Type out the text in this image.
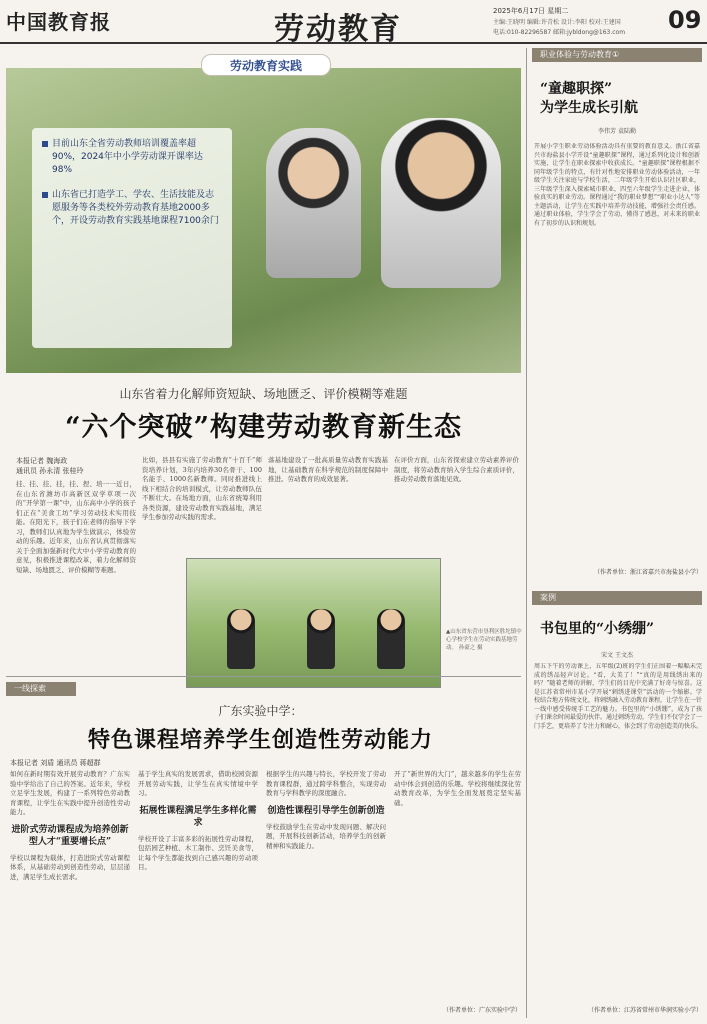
中国教育报	劳动教育
2025年6月17日 星期二
主编:王晓明 编辑:许青松 设计:李阳 校对:王建国
电话:010-82296587 邮箱:jybldong@163.com 09
劳动教育实践
目前山东全省劳动教师培训覆盖率超90%，2024年中小学劳动课开课率达98%
山东省已打造学工、学农、生活技能及志愿服务等各类校外劳动教育基地2000多个，开设劳动教育实践基地课程7100余门
山东省着力化解师资短缺、场地匮乏、评价模糊等难题
“六个突破”构建劳动教育新生态
本报记者 魏海政
通讯员 孙永清 张桂玲
挂、挂、挂、挂，挂、捏、培一一近日，在山东省潍坊市高新区双学草项一次的“开学第一课”中，山东高中小学的孩子们正在“美食工坊”学习劳动技术实用技能。在阳光下，孩子们在老师的指导下学习，教师们认真地为学生做演示，体验劳动的乐趣。近年来，山东省认真贯彻落实关于全面加强新时代大中小学劳动教育的意见，积极推进课程改革，着力化解师资短缺、场地匮乏、评价模糊等难题。
比如，县县有实施了劳动教育“十百千”师资培养计划，3年内培养30名骨干、100名能手、1000名新教师。同时推进线上线下相结合的培训模式，让劳动教师队伍不断壮大。在场地方面，山东省统筹利用各类资源，建设劳动教育实践基地，满足学生参加劳动实践的需求。
落基地建设了一批高质量劳动教育实践基地，让基础教育在科学规范的制度保障中推进。劳动教育的成效显著。
在评价方面，山东省探索建立劳动素养评价制度，将劳动教育纳入学生综合素质评价，推动劳动教育落地见效。
▲山东省东营市垦利区胜坨镇中心学校学生在劳动实践基地劳动。 孙豪之 摄
职业体验与劳动教育①
“童趣职探”
为学生成长引航
李伟芳 袁陆勤
开展小学生职业劳动体验活动具有重要的教育意义。浙江省嘉兴市海盐县小学开设“童趣职探”课程，通过系列化设计和创新实施，让学生在职业探索中收获成长。“童趣职探”课程根据不同年级学生的特点，有针对性地安排职业劳动体验活动，一年级学生关注家庭与学校生活，二年级学生开始认识社区职业，三年级学生深入探索城市职业，四至六年级学生走进企业，体验真实的职业劳动。课程通过“我的职业梦想”“职业小达人”等主题活动，让学生在实践中培养劳动技能，增强社会责任感。通过职业体验，学生学会了劳动、懂得了感恩，对未来的职业有了初步的认识和规划。
（作者单位：浙江省嘉兴市海盐县小学）
案例
书包里的“小绣绷”
宋文 王文杰
周五下午的劳动课上，五年级(2)班的学生们正围着一幅幅未完成的绣品轻声讨论。“看，大美了！”“真的是用线绣出来的吗？”随着老师的讲解，学生们的目光中充满了好奇与惊喜。这是江苏省常州市某小学开展“刺绣进课堂”活动的一个缩影。学校结合地方传统文化，将刺绣融入劳动教育课程，让学生在一针一线中感受传统手工艺的魅力。书包里的“小绣绷”，成为了孩子们课余时间最爱的伙伴。通过刺绣劳动，学生们不仅学会了一门手艺，更培养了专注力和耐心，体会到了劳动创造美的快乐。
（作者单位：江苏省常州市华润实验小学）
一线探索
广东实验中学：
特色课程培养学生创造性劳动能力
本报记者 刘盾 通讯员 蒋超群
如何在新时期有效开展劳动教育？广东实验中学给出了自己的答案。近年来，学校立足学生发展，构建了一系列特色劳动教育课程，让学生在实践中提升创造性劳动能力。
进阶式劳动课程成为培养创新型人才“重要增长点”
学校以课程为载体，打造进阶式劳动课程体系，从基础劳动到创造性劳动，层层递进，满足学生成长需求。
基于学生真实的发展需求，借助校园资源开展劳动实践，让学生在真实情境中学习。
拓展性课程满足学生多样化需求
学校开设了丰富多彩的拓展性劳动课程，包括园艺种植、木工制作、烹饪美食等，让每个学生都能找到自己感兴趣的劳动项目。
根据学生的兴趣与特长，学校开发了劳动教育课程群，通过跨学科整合，实现劳动教育与学科教学的深度融合。
创造性课程引导学生创新创造
学校鼓励学生在劳动中发现问题、解决问题，开展科技创新活动，培养学生的创新精神和实践能力。
开了“新世界的大门”，越来越多的学生在劳动中体会到创造的乐趣。学校将继续深化劳动教育改革，为学生全面发展奠定坚实基础。
（作者单位：广东实验中学）
